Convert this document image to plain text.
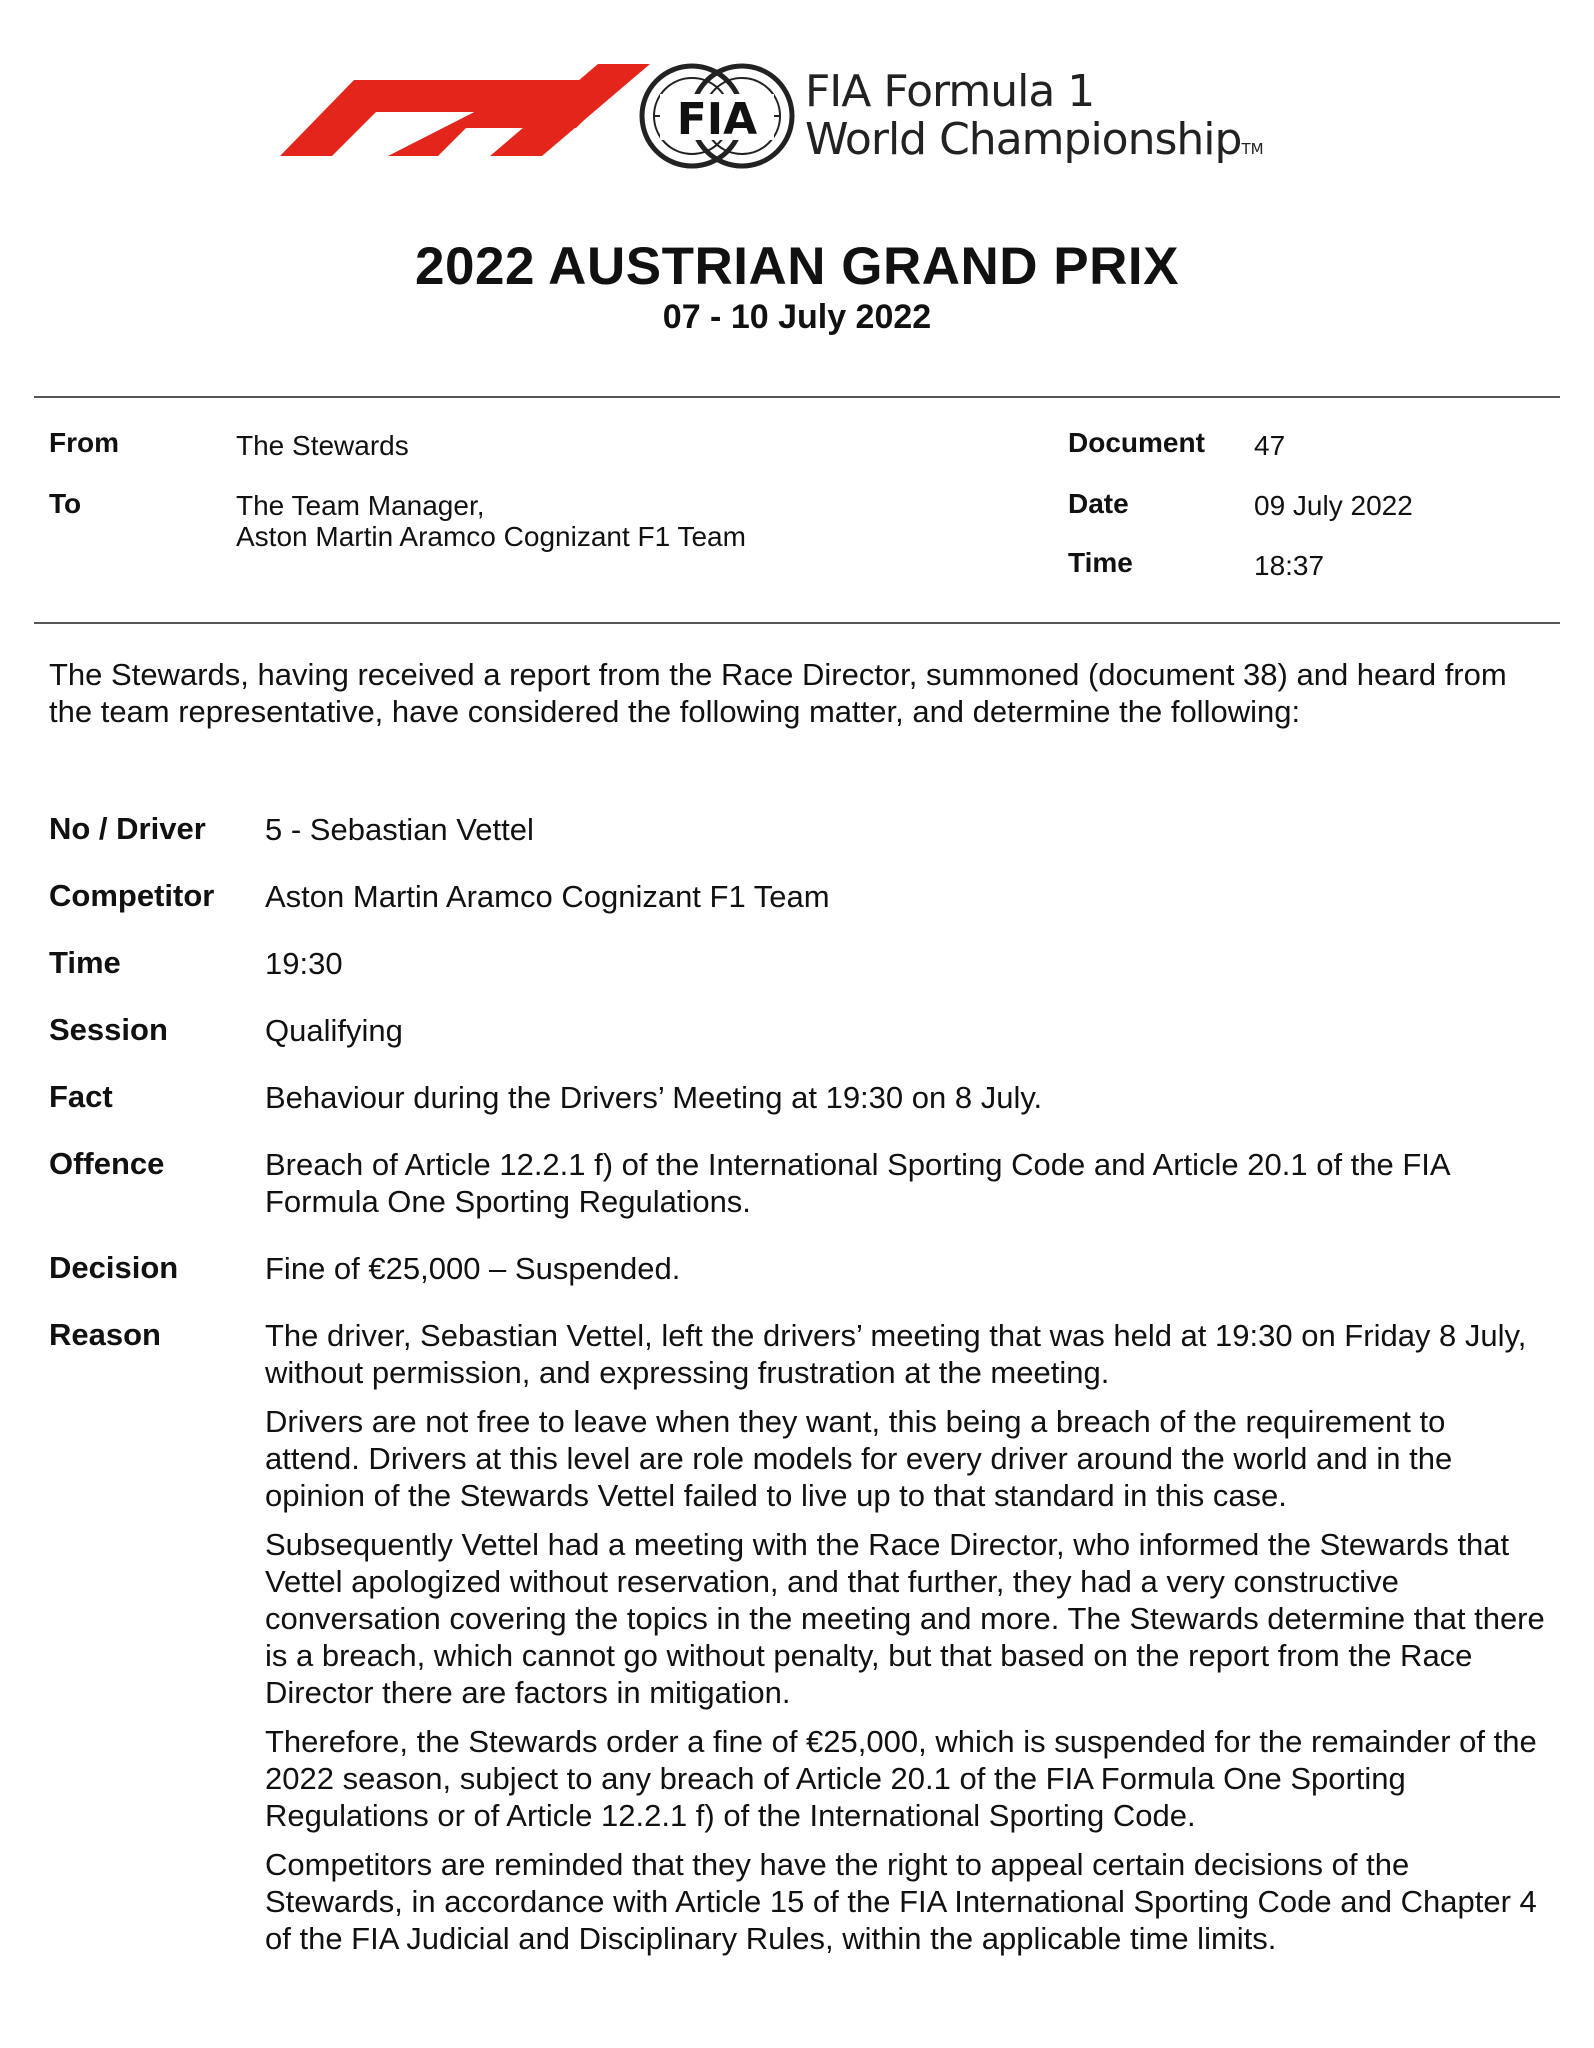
FIA
FIA Formula 1
World ChampionshipTM
2022 AUSTRIAN GRAND PRIX
07 - 10 July 2022
From	The Stewards
To	The Team Manager,
Aston Martin Aramco Cognizant F1 Team
Document 47
Date	09 July 2022
Time	18:37
The Stewards, having received a report from the Race Director, summoned (document 38) and heard from the team representative, have considered the following matter, and determine the following:
No / Driver 5 - Sebastian Vettel
Competitor Aston Martin Aramco Cognizant F1 Team
Time	19:30
Session	Qualifying
Fact	Behaviour during the Drivers’ Meeting at 19:30 on 8 July.
Offence	Breach of Article 12.2.1 f) of the International Sporting Code and Article 20.1 of the FIA Formula One Sporting Regulations.
Decision	Fine of €25,000 – Suspended.
Reason	The driver, Sebastian Vettel, left the drivers’ meeting that was held at 19:30 on Friday 8 July, without permission, and expressing frustration at the meeting.

Drivers are not free to leave when they want, this being a breach of the requirement to attend. Drivers at this level are role models for every driver around the world and in the opinion of the Stewards Vettel failed to live up to that standard in this case.

Subsequently Vettel had a meeting with the Race Director, who informed the Stewards that Vettel apologized without reservation, and that further, they had a very constructive conversation covering the topics in the meeting and more. The Stewards determine that there is a breach, which cannot go without penalty, but that based on the report from the Race Director there are factors in mitigation.

Therefore, the Stewards order a fine of €25,000, which is suspended for the remainder of the 2022 season, subject to any breach of Article 20.1 of the FIA Formula One Sporting Regulations or of Article 12.2.1 f) of the International Sporting Code.

Competitors are reminded that they have the right to appeal certain decisions of the Stewards, in accordance with Article 15 of the FIA International Sporting Code and Chapter 4 of the FIA Judicial and Disciplinary Rules, within the applicable time limits.
